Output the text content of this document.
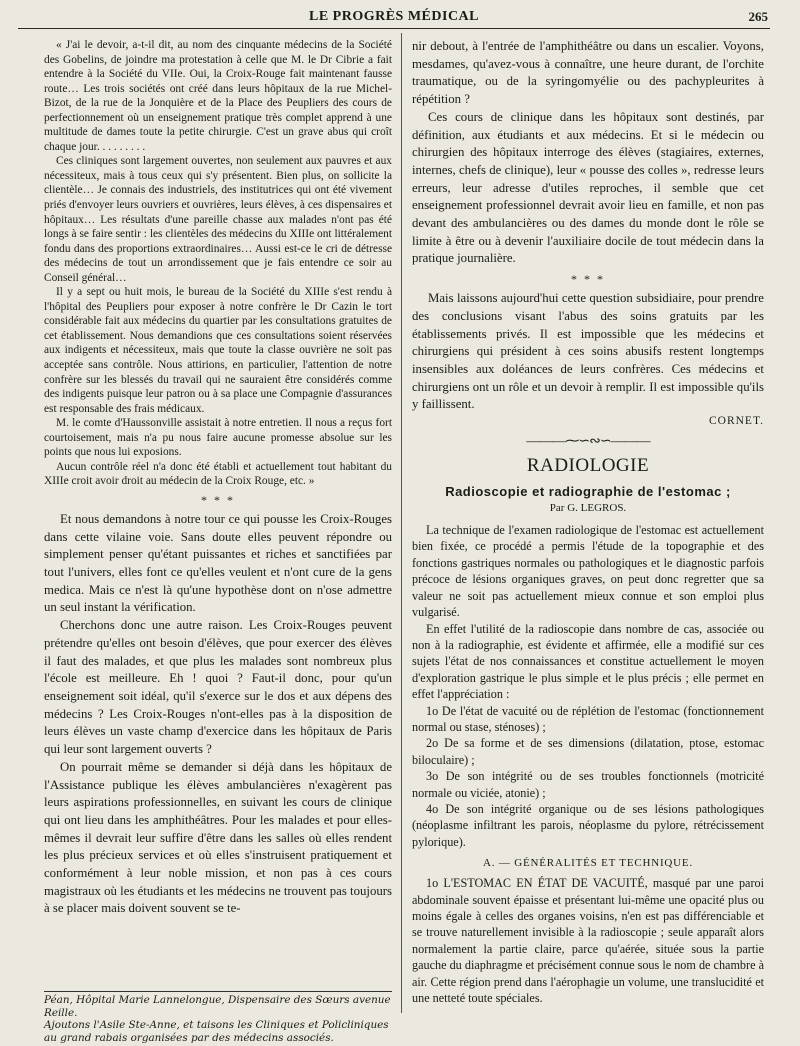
LE PROGRÈS MÉDICAL	265

« J'ai le devoir, a-t-il dit, au nom des cinquante médecins de la Société des Gobelins, de joindre ma protestation à celle que M. le Dr Cibrie a fait entendre à la Société du VIIe. Oui, la Croix-Rouge fait maintenant fausse route… Les trois sociétés ont créé dans leurs hôpitaux de la rue Michel-Bizot, de la rue de la Jonquière et de la Place des Peupliers des cours de perfectionnement où un enseignement pratique très complet apprend à une multitude de dames toute la petite chirurgie. C'est un grave abus qui croît chaque jour. . . . . . . . .

Ces cliniques sont largement ouvertes, non seulement aux pauvres et aux nécessiteux, mais à tous ceux qui s'y présentent. Bien plus, on sollicite la clientèle… Je connais des industriels, des institutrices qui ont été vivement priés d'envoyer leurs ouvriers et ouvrières, leurs élèves, à ces dispensaires et hôpitaux… Les résultats d'une pareille chasse aux malades n'ont pas été longs à se faire sentir : les clientèles des médecins du XIIIe ont littéralement fondu dans des proportions extraordinaires… Aussi est-ce le cri de détresse des médecins de tout un arrondissement que je fais entendre ce soir au Conseil général…

Il y a sept ou huit mois, le bureau de la Société du XIIIe s'est rendu à l'hôpital des Peupliers pour exposer à notre confrère le Dr Cazin le tort considérable fait aux médecins du quartier par les consultations gratuites de cet établissement. Nous demandions que ces consultations soient réservées aux indigents et nécessiteux, mais que toute la classe ouvrière ne soit pas acceptée sans contrôle. Nous attirions, en particulier, l'attention de notre confrère sur les blessés du travail qui ne sauraient être considérés comme des indigents puisque leur patron ou à sa place une Compagnie d'assurances est responsable des frais médicaux.

M. le comte d'Haussonville assistait à notre entretien. Il nous a reçus fort courtoisement, mais n'a pu nous faire aucune promesse absolue sur les points que nous lui exposions.

Aucun contrôle réel n'a donc été établi et actuellement tout habitant du XIIIe croit avoir droit au médecin de la Croix Rouge, etc. »

* * *

Et nous demandons à notre tour ce qui pousse les Croix-Rouges dans cette vilaine voie. Sans doute elles peuvent répondre ou simplement penser qu'étant puissantes et riches et sanctifiées par tout l'univers, elles font ce qu'elles veulent et n'ont cure de la gens medica. Mais ce n'est là qu'une hypothèse dont on n'ose admettre un seul instant la vérification.

Cherchons donc une autre raison. Les Croix-Rouges peuvent prétendre qu'elles ont besoin d'élèves, que pour exercer des élèves il faut des malades, et que plus les malades sont nombreux plus l'école est meilleure. Eh ! quoi ? Faut-il donc, pour qu'un enseignement soit idéal, qu'il s'exerce sur le dos et aux dépens des médecins ? Les Croix-Rouges n'ont-elles pas à la disposition de leurs élèves un vaste champ d'exercice dans les hôpitaux de Paris qui leur sont largement ouverts ?

On pourrait même se demander si déjà dans les hôpitaux de l'Assistance publique les élèves ambulancières n'exagèrent pas leurs aspirations professionnelles, en suivant les cours de clinique qui ont lieu dans les amphithéâtres. Pour les malades et pour elles-mêmes il devrait leur suffire d'être dans les salles où elles rendent les plus précieux services et où elles s'instruisent pratiquement et conformément à leur noble mission, et non pas à ces cours magistraux où les étudiants et les médecins ne trouvent pas toujours à se placer mais doivent souvent se te-

Péan, Hôpital Marie Lannelongue, Dispensaire des Sœurs avenue Reille.

Ajoutons l'Asile Ste-Anne, et taisons les Cliniques et Policliniques au grand rabais organisées par des médecins associés.

nir debout, à l'entrée de l'amphithéâtre ou dans un escalier. Voyons, mesdames, qu'avez-vous à connaître, une heure durant, de l'orchite traumatique, ou de la syringomyélie ou des pachypleurites à répétition ?

Ces cours de clinique dans les hôpitaux sont destinés, par définition, aux étudiants et aux médecins. Et si le médecin ou chirurgien des hôpitaux interroge des élèves (stagiaires, externes, internes, chefs de clinique), leur « pousse des colles », redresse leurs erreurs, leur adresse d'utiles reproches, il semble que cet enseignement professionnel devrait avoir lieu en famille, et non pas devant des ambulancières ou des dames du monde dont le rôle se limite à être ou à devenir l'auxiliaire docile de tout médecin dans la pratique journalière.

* * *

Mais laissons aujourd'hui cette question subsidiaire, pour prendre des conclusions visant l'abus des soins gratuits par les établissements privés. Il est impossible que les médecins et chirurgiens qui président à ces soins abusifs restent longtemps insensibles aux doléances de leurs confrères. Ces médecins et chirurgiens ont un rôle et un devoir à remplir. Il est impossible qu'ils y faillissent.

CORNET.
———⁓∽∾∽———
RADIOLOGIE
Radioscopie et radiographie de l'estomac ;
Par G. LEGROS.

La technique de l'examen radiologique de l'estomac est actuellement bien fixée, ce procédé a permis l'étude de la topographie et des fonctions gastriques normales ou pathologiques et le diagnostic parfois précoce de lésions organiques graves, on peut donc regretter que sa valeur ne soit pas actuellement mieux connue et son emploi plus vulgarisé.

En effet l'utilité de la radioscopie dans nombre de cas, associée ou non à la radiographie, est évidente et affirmée, elle a modifié sur ces sujets l'état de nos connaissances et constitue actuellement le moyen d'exploration gastrique le plus simple et le plus précis ; elle permet en effet l'appréciation :

1o De l'état de vacuité ou de réplétion de l'estomac (fonctionnement normal ou stase, sténoses) ;

2o De sa forme et de ses dimensions (dilatation, ptose, estomac biloculaire) ;

3o De son intégrité ou de ses troubles fonctionnels (motricité normale ou viciée, atonie) ;

4o De son intégrité organique ou de ses lésions pathologiques (néoplasme infiltrant les parois, néoplasme du pylore, rétrécissement pylorique).

A. — GÉNÉRALITÉS ET TECHNIQUE.

1o L'ESTOMAC EN ÉTAT DE VACUITÉ, masqué par une paroi abdominale souvent épaisse et présentant lui-même une opacité plus ou moins égale à celles des organes voisins, n'en est pas différenciable et se trouve naturellement invisible à la radioscopie ; seule apparaît alors normalement la partie claire, parce qu'aérée, située sous la partie gauche du diaphragme et précisément connue sous le nom de chambre à air. Cette région prend dans l'aérophagie un volume, une translucidité et une netteté toute spéciales.
